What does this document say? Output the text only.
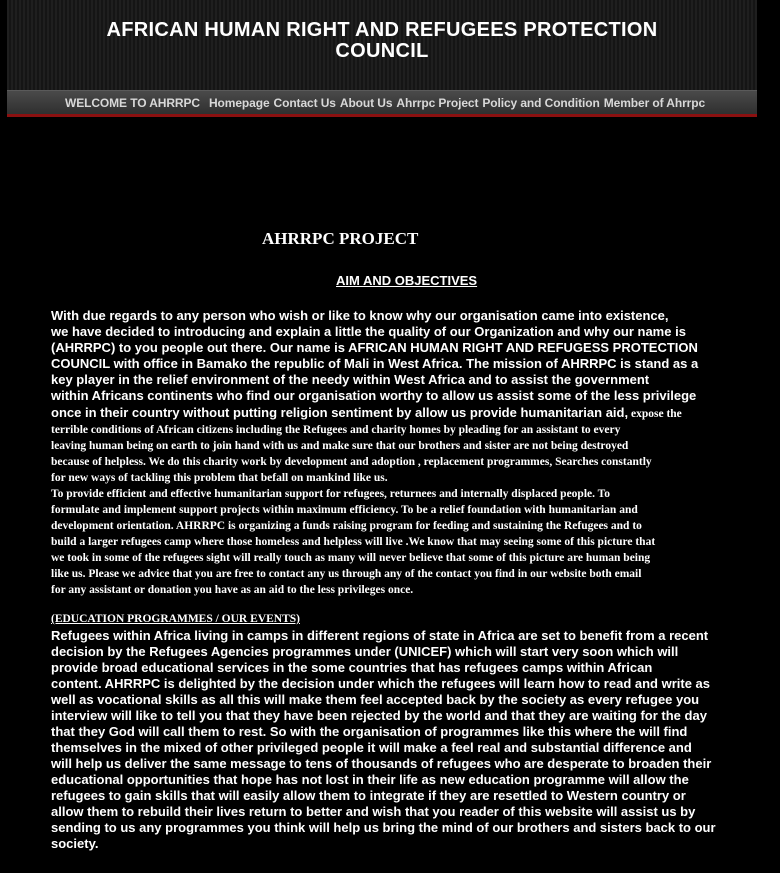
AFRICAN HUMAN RIGHT AND REFUGEES PROTECTION
COUNCIL
WELCOME TO AHRRPC Homepage Contact Us About Us Ahrrpc Project Policy and Condition Member of Ahrrpc
AHRRPC PROJECT
AIM AND OBJECTIVES
With due regards to any person who wish or like to know why our organisation came into existence,
we have decided to introducing and explain a little the quality of our Organization and why our name is
(AHRRPC) to you people out there. Our name is AFRICAN HUMAN RIGHT AND REFUGESS PROTECTION
COUNCIL with office in Bamako the republic of Mali in West Africa. The mission of AHRRPC is stand as a
key player in the relief environment of the needy within West Africa and to assist the government
within Africans continents who find our organisation worthy to allow us assist some of the less privilege
once in their country without putting religion sentiment by allow us provide humanitarian aid, expose the
terrible conditions of African citizens including the Refugees and charity homes by pleading for an assistant to every
leaving human being on earth to join hand with us and make sure that our brothers and sister are not being destroyed
because of helpless. We do this charity work by development and adoption , replacement programmes, Searches constantly
for new ways of tackling this problem that befall on mankind like us.
To provide efficient and effective humanitarian support for refugees, returnees and internally displaced people. To
formulate and implement support projects within maximum efficiency. To be a relief foundation with humanitarian and
development orientation. AHRRPC is organizing a funds raising program for feeding and sustaining the Refugees and to
build a larger refugees camp where those homeless and helpless will live .We know that may seeing some of this picture that
we took in some of the refugees sight will really touch as many will never believe that some of this picture are human being
like us. Please we advice that you are free to contact any us through any of the contact you find in our website both email
for any assistant or donation you have as an aid to the less privileges once.
(EDUCATION PROGRAMMES / OUR EVENTS)
Refugees within Africa living in camps in different regions of state in Africa are set to benefit from a recent
decision by the Refugees Agencies programmes under (UNICEF) which will start very soon which will
provide broad educational services in the some countries that has refugees camps within African
content. AHRRPC is delighted by the decision under which the refugees will learn how to read and write as
well as vocational skills as all this will make them feel accepted back by the society as every refugee you
interview will like to tell you that they have been rejected by the world and that they are waiting for the day
that they God will call them to rest. So with the organisation of programmes like this where the will find
themselves in the mixed of other privileged people it will make a feel real and substantial difference and
will help us deliver the same message to tens of thousands of refugees who are desperate to broaden their
educational opportunities that hope has not lost in their life as new education programme will allow the
refugees to gain skills that will easily allow them to integrate if they are resettled to Western country or
allow them to rebuild their lives return to better and wish that you reader of this website will assist us by
sending to us any programmes you think will help us bring the mind of our brothers and sisters back to our
society.
